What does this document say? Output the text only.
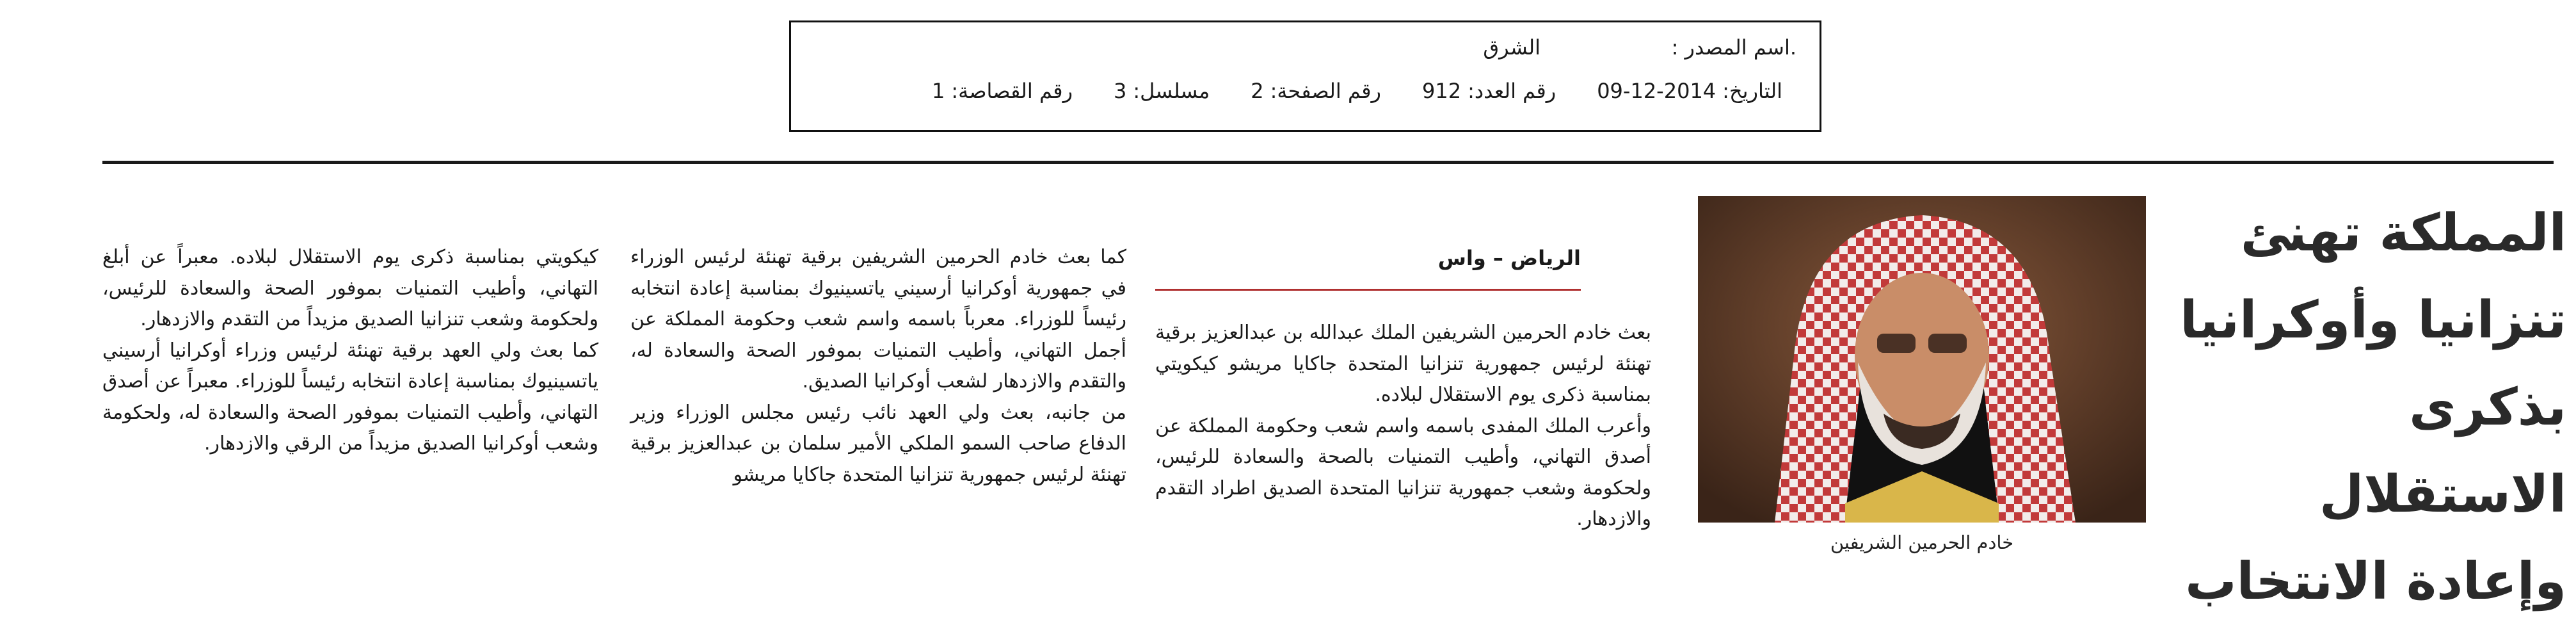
.اسم المصدر :
الشرق
التاريخ:2014-12-09
رقم العدد:912
رقم الصفحة:2
مسلسل:3
رقم القصاصة:1
المملكة تهنئ
تنزانيا وأوكرانيا
بذكرى الاستقلال
وإعادة الانتخاب
خادم الحرمين الشريفين
الرياض – واس

بعث خادم الحرمين الشريفين الملك عبدالله بن عبدالعزيز برقية تهنئة لرئيس جمهورية تنزانيا المتحدة جاكايا مريشو كيكويتي بمناسبة ذكرى يوم الاستقلال لبلاده.

وأعرب الملك المفدى باسمه واسم شعب وحكومة المملكة عن أصدق التهاني، وأطيب التمنيات بالصحة والسعادة للرئيس، ولحكومة وشعب جمهورية تنزانيا المتحدة الصديق اطراد التقدم والازدهار.

كما بعث خادم الحرمين الشريفين برقية تهنئة لرئيس الوزراء في جمهورية أوكرانيا أرسيني ياتسينيوك بمناسبة إعادة انتخابه رئيساً للوزراء. معرباً باسمه واسم شعب وحكومة المملكة عن أجمل التهاني، وأطيب التمنيات بموفور الصحة والسعادة له، والتقدم والازدهار لشعب أوكرانيا الصديق.

من جانبه، بعث ولي العهد نائب رئيس مجلس الوزراء وزير الدفاع صاحب السمو الملكي الأمير سلمان بن عبدالعزيز برقية تهنئة لرئيس جمهورية تنزانيا المتحدة جاكايا مريشو

كيكويتي بمناسبة ذكرى يوم الاستقلال لبلاده. معبراً عن أبلغ التهاني، وأطيب التمنيات بموفور الصحة والسعادة للرئيس، ولحكومة وشعب تنزانيا الصديق مزيداً من التقدم والازدهار.

كما بعث ولي العهد برقية تهنئة لرئيس وزراء أوكرانيا أرسيني ياتسينيوك بمناسبة إعادة انتخابه رئيساً للوزراء. معبراً عن أصدق التهاني، وأطيب التمنيات بموفور الصحة والسعادة له، ولحكومة وشعب أوكرانيا الصديق مزيداً من الرقي والازدهار.
